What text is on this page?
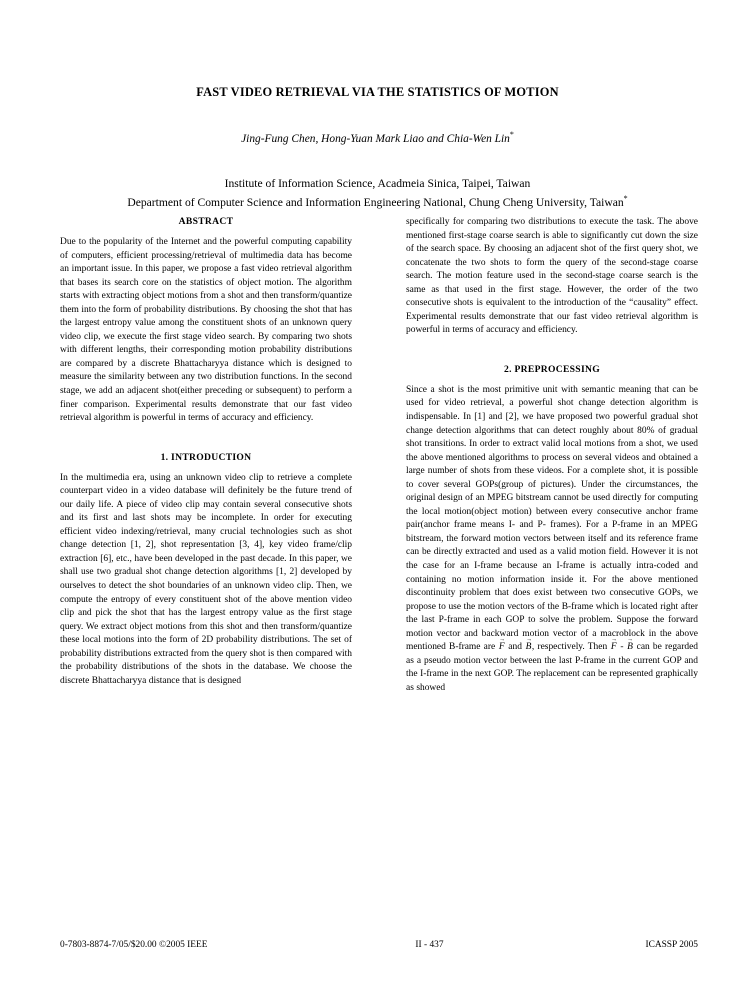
FAST VIDEO RETRIEVAL VIA THE STATISTICS OF MOTION
Jing-Fung Chen, Hong-Yuan Mark Liao and Chia-Wen Lin*
Institute of Information Science, Acadmeia Sinica, Taipei, Taiwan
Department of Computer Science and Information Engineering National, Chung Cheng University, Taiwan*
ABSTRACT

Due to the popularity of the Internet and the powerful computing capability of computers, efficient processing/retrieval of multimedia data has become an important issue. In this paper, we propose a fast video retrieval algorithm that bases its search core on the statistics of object motion. The algorithm starts with extracting object motions from a shot and then transform/quantize them into the form of probability distributions. By choosing the shot that has the largest entropy value among the constituent shots of an unknown query video clip, we execute the first stage video search. By comparing two shots with different lengths, their corresponding motion probability distributions are compared by a discrete Bhattacharyya distance which is designed to measure the similarity between any two distribution functions. In the second stage, we add an adjacent shot(either preceding or subsequent) to perform a finer comparison. Experimental results demonstrate that our fast video retrieval algorithm is powerful in terms of accuracy and efficiency.

1. INTRODUCTION

In the multimedia era, using an unknown video clip to retrieve a complete counterpart video in a video database will definitely be the future trend of our daily life. A piece of video clip may contain several consecutive shots and its first and last shots may be incomplete. In order for executing efficient video indexing/retrieval, many crucial technologies such as shot change detection [1, 2], shot representation [3, 4], key video frame/clip extraction [6], etc., have been developed in the past decade. In this paper, we shall use two gradual shot change detection algorithms [1, 2] developed by ourselves to detect the shot boundaries of an unknown video clip. Then, we compute the entropy of every constituent shot of the above mention video clip and pick the shot that has the largest entropy value as the first stage query. We extract object motions from this shot and then transform/quantize these local motions into the form of 2D probability distributions. The set of probability distributions extracted from the query shot is then compared with the probability distributions of the shots in the database. We choose the discrete Bhattacharyya distance that is designed

specifically for comparing two distributions to execute the task. The above mentioned first-stage coarse search is able to significantly cut down the size of the search space. By choosing an adjacent shot of the first query shot, we concatenate the two shots to form the query of the second-stage coarse search. The motion feature used in the second-stage coarse search is the same as that used in the first stage. However, the order of the two consecutive shots is equivalent to the introduction of the “causality” effect. Experimental results demonstrate that our fast video retrieval algorithm is powerful in terms of accuracy and efficiency.

2. PREPROCESSING

Since a shot is the most primitive unit with semantic meaning that can be used for video retrieval, a powerful shot change detection algorithm is indispensable. In [1] and [2], we have proposed two powerful gradual shot change detection algorithms that can detect roughly about 80% of gradual shot transitions. In order to extract valid local motions from a shot, we used the above mentioned algorithms to process on several videos and obtained a large number of shots from these videos. For a complete shot, it is possible to cover several GOPs(group of pictures). Under the circumstances, the original design of an MPEG bitstream cannot be used directly for computing the local motion(object motion) between every consecutive anchor frame pair(anchor frame means I- and P- frames). For a P-frame in an MPEG bitstream, the forward motion vectors between itself and its reference frame can be directly extracted and used as a valid motion field. However it is not the case for an I-frame because an I-frame is actually intra-coded and containing no motion information inside it. For the above mentioned discontinuity problem that does exist between two consecutive GOPs, we propose to use the motion vectors of the B-frame which is located right after the last P-frame in each GOP to solve the problem. Suppose the forward motion vector and backward motion vector of a macroblock in the above mentioned B-frame are F → and B →, respectively. Then F → - B → can be regarded as a pseudo motion vector between the last P-frame in the current GOP and the I-frame in the next GOP. The replacement can be represented graphically as showed

0-7803-8874-7/05/$20.00 ©2005 IEEE	II - 437	ICASSP 2005
